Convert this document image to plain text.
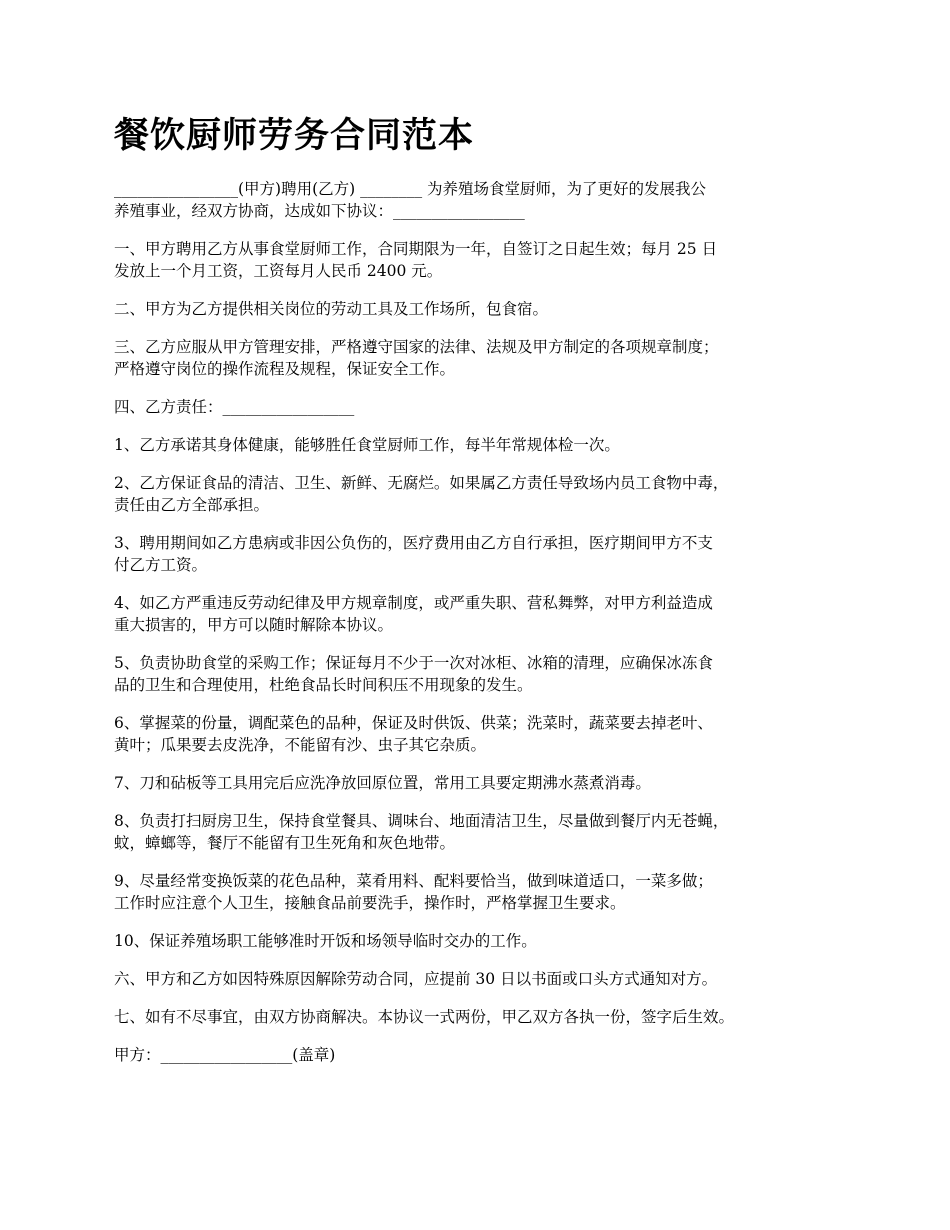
餐饮厨师劳务合同范本

________________(甲方)聘用(乙方) ________ 为养殖场食堂厨师，为了更好的发展我公
养殖事业，经双方协商，达成如下协议：_________________

一、甲方聘用乙方从事食堂厨师工作，合同期限为一年，自签订之日起生效；每月 25 日
发放上一个月工资，工资每月人民币 2400 元。

二、甲方为乙方提供相关岗位的劳动工具及工作场所，包食宿。

三、乙方应服从甲方管理安排，严格遵守国家的法律、法规及甲方制定的各项规章制度；
严格遵守岗位的操作流程及规程，保证安全工作。

四、乙方责任：_________________

1、乙方承诺其身体健康，能够胜任食堂厨师工作，每半年常规体检一次。

2、乙方保证食品的清洁、卫生、新鲜、无腐烂。如果属乙方责任导致场内员工食物中毒，
责任由乙方全部承担。

3、聘用期间如乙方患病或非因公负伤的，医疗费用由乙方自行承担，医疗期间甲方不支
付乙方工资。

4、如乙方严重违反劳动纪律及甲方规章制度，或严重失职、营私舞弊，对甲方利益造成
重大损害的，甲方可以随时解除本协议。

5、负责协助食堂的采购工作；保证每月不少于一次对冰柜、冰箱的清理，应确保冰冻食
品的卫生和合理使用，杜绝食品长时间积压不用现象的发生。

6、掌握菜的份量，调配菜色的品种，保证及时供饭、供菜；洗菜时，蔬菜要去掉老叶、
黄叶；瓜果要去皮洗净，不能留有沙、虫子其它杂质。

7、刀和砧板等工具用完后应洗净放回原位置，常用工具要定期沸水蒸煮消毒。

8、负责打扫厨房卫生，保持食堂餐具、调味台、地面清洁卫生，尽量做到餐厅内无苍蝇，
蚊，蟑螂等，餐厅不能留有卫生死角和灰色地带。

9、尽量经常变换饭菜的花色品种，菜肴用料、配料要恰当，做到味道适口，一菜多做；
工作时应注意个人卫生，接触食品前要洗手，操作时，严格掌握卫生要求。

10、保证养殖场职工能够准时开饭和场领导临时交办的工作。

六、甲方和乙方如因特殊原因解除劳动合同，应提前 30 日以书面或口头方式通知对方。

七、如有不尽事宜，由双方协商解决。本协议一式两份，甲乙双方各执一份，签字后生效。

甲方：_________________(盖章)
